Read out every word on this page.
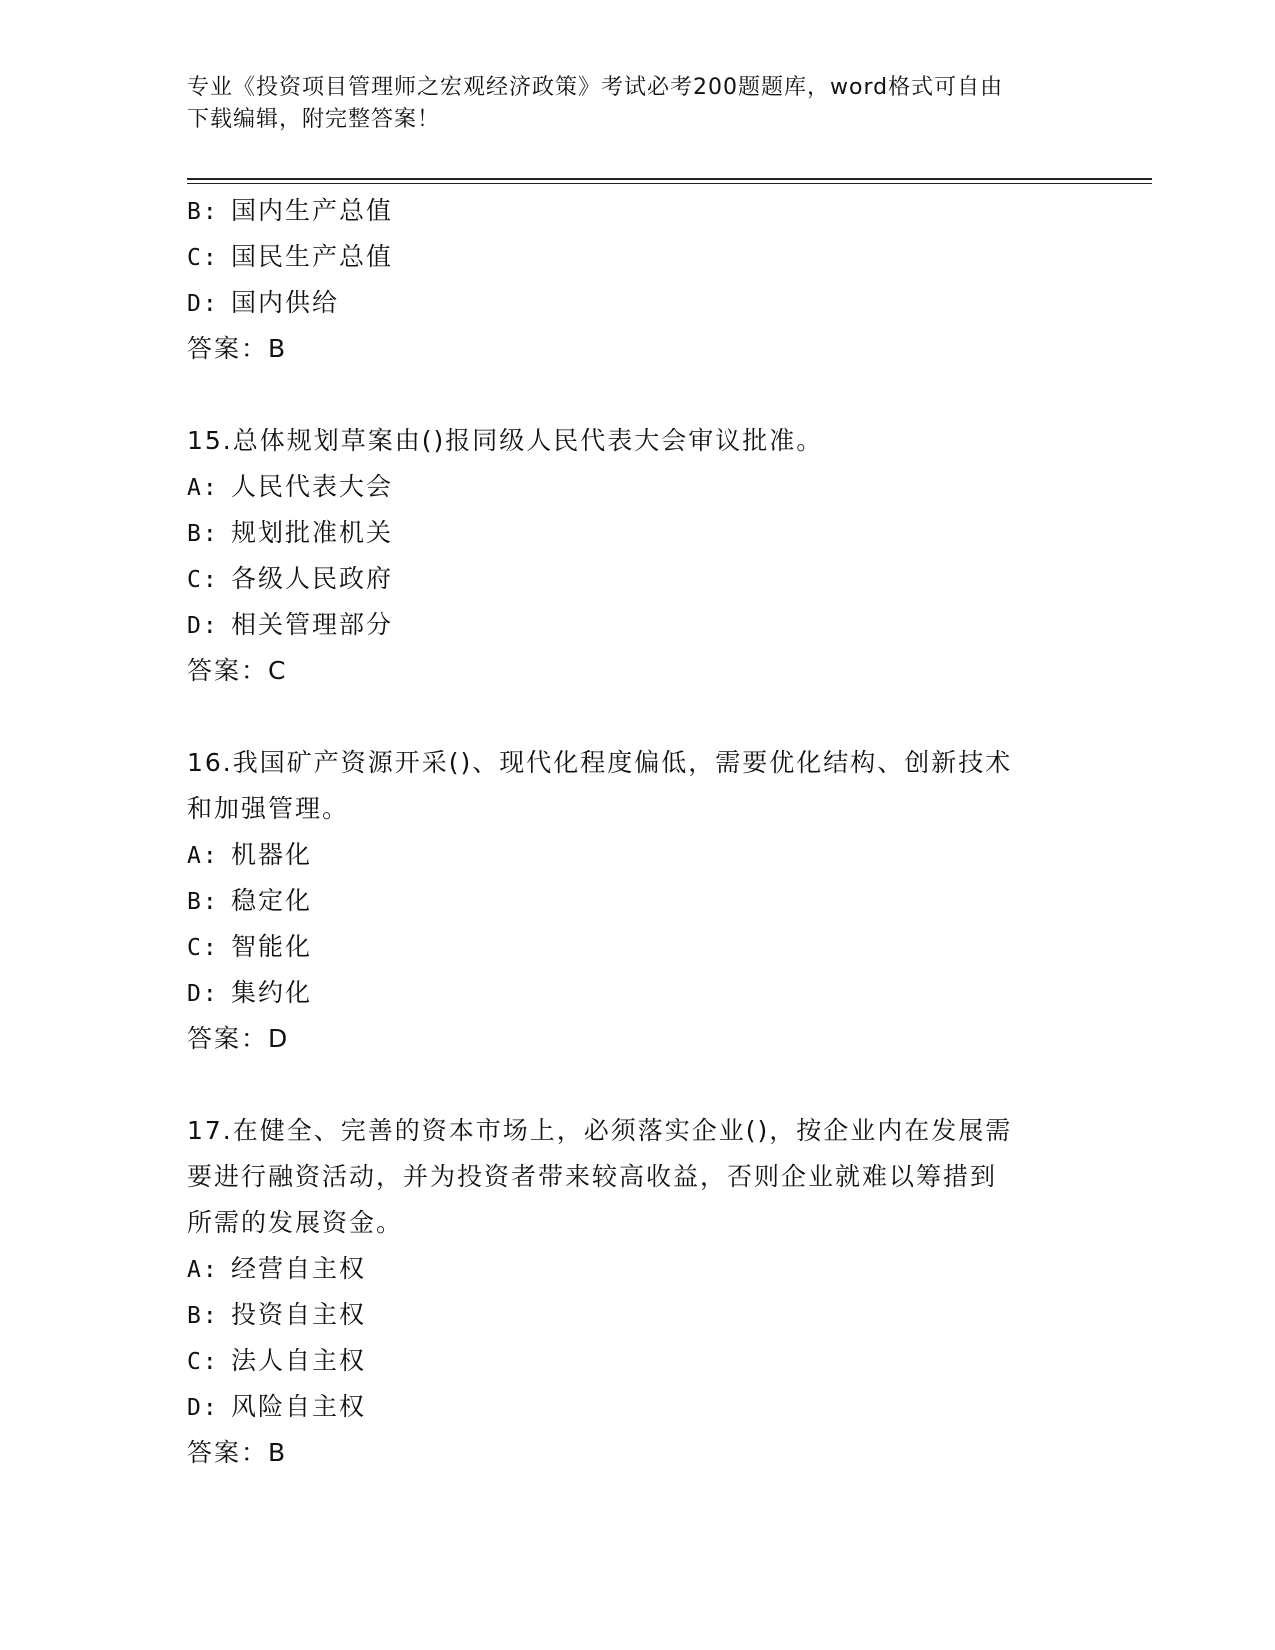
专业《投资项目管理师之宏观经济政策》考试必考200题题库，word格式可自由
下载编辑，附完整答案！
B: 国内生产总值
C: 国民生产总值
D: 国内供给
答案：B
15.总体规划草案由()报同级人民代表大会审议批准。
A: 人民代表大会
B: 规划批准机关
C: 各级人民政府
D: 相关管理部分
答案：C
16.我国矿产资源开采()、现代化程度偏低，需要优化结构、创新技术
和加强管理。
A: 机器化
B: 稳定化
C: 智能化
D: 集约化
答案：D
17.在健全、完善的资本市场上，必须落实企业()，按企业内在发展需
要进行融资活动，并为投资者带来较高收益，否则企业就难以筹措到
所需的发展资金。
A: 经营自主权
B: 投资自主权
C: 法人自主权
D: 风险自主权
答案：B
